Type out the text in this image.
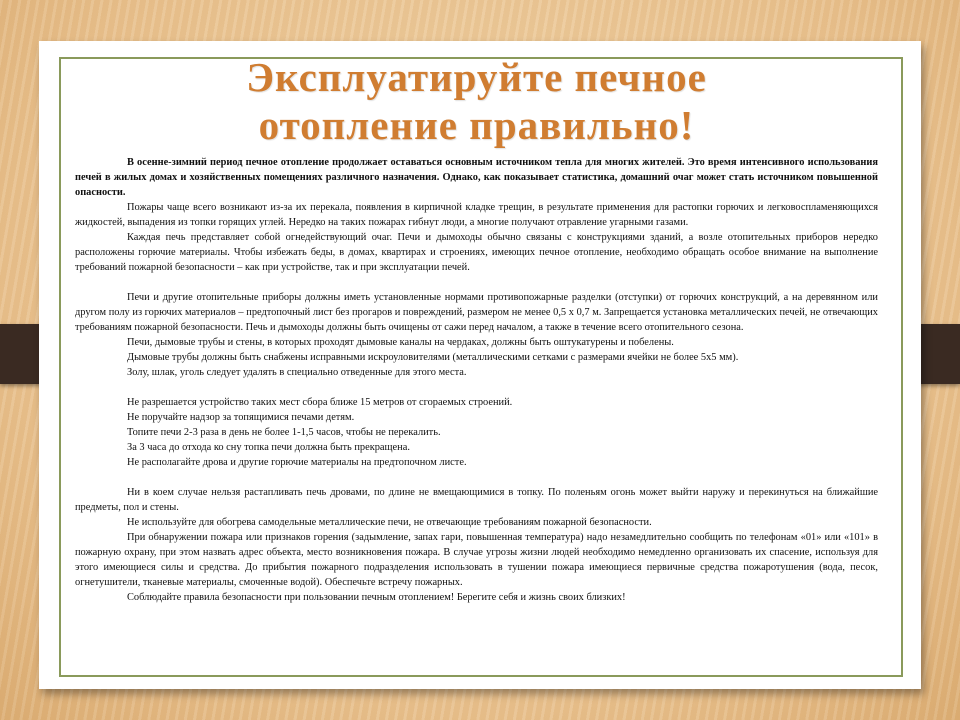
Эксплуатируйте печное
отопление правильно!

В осенне-зимний период печное отопление продолжает оставаться основным источником тепла для многих жителей. Это время интенсивного использования печей в жилых домах и хозяйственных помещениях различного назначения. Однако, как показывает статистика, домашний очаг может стать источником повышенной опасности.

Пожары чаще всего возникают из-за их перекала, появления в кирпичной кладке трещин, в результате применения для растопки горючих и легковоспламеняющихся жидкостей, выпадения из топки горящих углей. Нередко на таких пожарах гибнут люди, а многие получают отравление угарными газами.

Каждая печь представляет собой огнедействующий очаг. Печи и дымоходы обычно связаны с конструкциями зданий, а возле отопительных приборов нередко расположены горючие материалы. Чтобы избежать беды, в домах, квартирах и строениях, имеющих печное отопление, необходимо обращать особое внимание на выполнение требований пожарной безопасности – как при устройстве, так и при эксплуатации печей.

Печи и другие отопительные приборы должны иметь установленные нормами противопожарные разделки (отступки) от горючих конструкций, а на деревянном или другом полу из горючих материалов – предтопочный лист без прогаров и повреждений, размером не менее 0,5 х 0,7 м. Запрещается установка металлических печей, не отвечающих требованиям пожарной безопасности. Печь и дымоходы должны быть очищены от сажи перед началом, а также в течение всего отопительного сезона.

Печи, дымовые трубы и стены, в которых проходят дымовые каналы на чердаках, должны быть оштукатурены и побелены.

Дымовые трубы должны быть снабжены исправными искроуловителями (металлическими сетками с размерами ячейки не более 5х5 мм).

Золу, шлак, уголь следует удалять в специально отведенные для этого места.

Не разрешается устройство таких мест сбора ближе 15 метров от сгораемых строений.

Не поручайте надзор за топящимися печами детям.

Топите печи 2-3 раза в день не более 1-1,5 часов, чтобы не перекалить.

За 3 часа до отхода ко сну топка печи должна быть прекращена.

Не располагайте дрова и другие горючие материалы на предтопочном листе.

Ни в коем случае нельзя растапливать печь дровами, по длине не вмещающимися в топку. По поленьям огонь может выйти наружу и перекинуться на ближайшие предметы, пол и стены.

Не используйте для обогрева самодельные металлические печи, не отвечающие требованиям пожарной безопасности.

При обнаружении пожара или признаков горения (задымление, запах гари, повышенная температура) надо незамедлительно сообщить по телефонам «01» или «101» в пожарную охрану, при этом назвать адрес объекта, место возникновения пожара. В случае угрозы жизни людей необходимо немедленно организовать их спасение, используя для этого имеющиеся силы и средства. До прибытия пожарного подразделения использовать в тушении пожара имеющиеся первичные средства пожаротушения (вода, песок, огнетушители, тканевые материалы, смоченные водой). Обеспечьте встречу пожарных.

Соблюдайте правила безопасности при пользовании печным отоплением! Берегите себя и жизнь своих близких!
